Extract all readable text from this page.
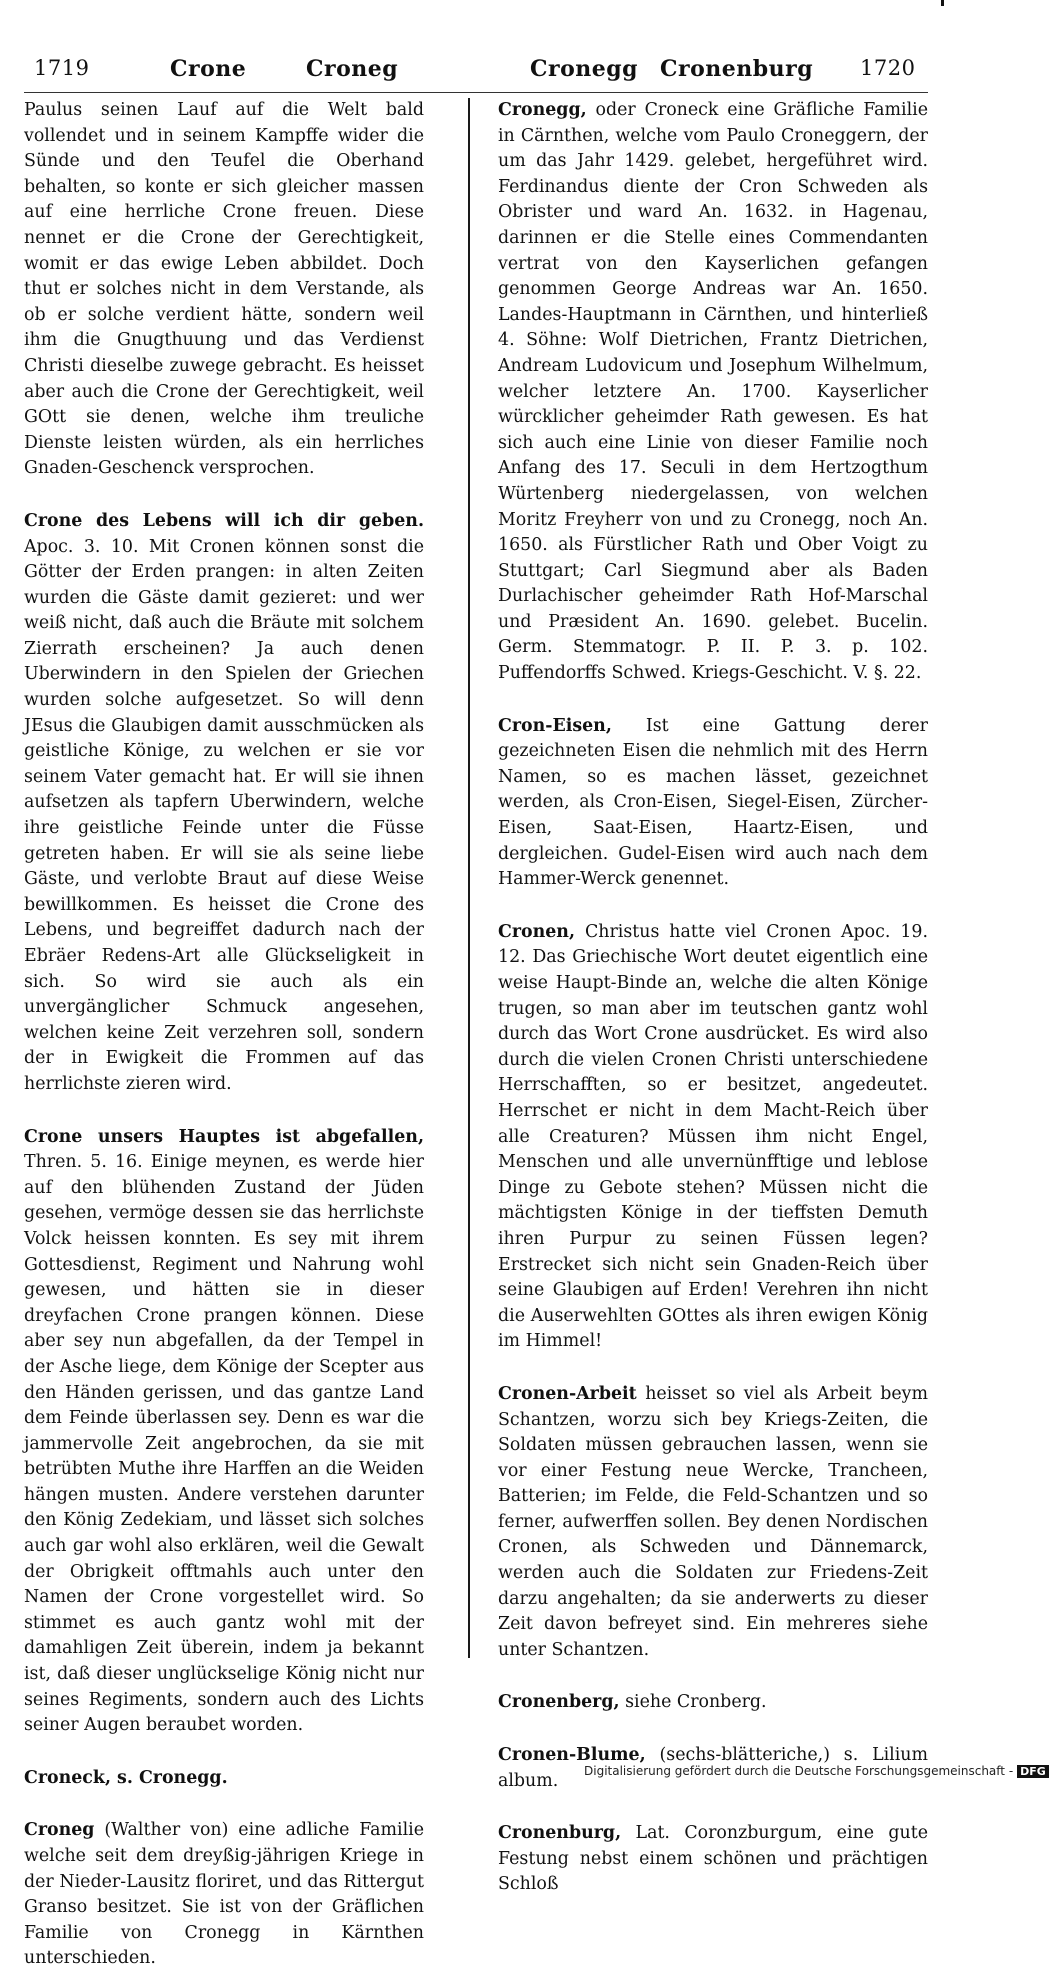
1719	Crone	Croneg	Cronegg Cronenburg 1720

Paulus seinen Lauf auf die Welt bald vollendet und in seinem Kampffe wider die Sünde und den Teufel die Oberhand behalten, so konte er sich gleicher massen auf eine herrliche Crone freuen. Diese nennet er die Crone der Gerechtigkeit, womit er das ewige Leben abbildet. Doch thut er solches nicht in dem Verstande, als ob er solche verdient hätte, sondern weil ihm die Gnugthuung und das Verdienst Christi dieselbe zuwege gebracht. Es heisset aber auch die Crone der Gerechtigkeit, weil GOtt sie denen, welche ihm treuliche Dienste leisten würden, als ein herrliches Gnaden-Geschenck versprochen.

Crone des Lebens will ich dir geben. Apoc. 3. 10. Mit Cronen können sonst die Götter der Erden prangen: in alten Zeiten wurden die Gäste damit gezieret: und wer weiß nicht, daß auch die Bräute mit solchem Zierrath erscheinen? Ja auch denen Uberwindern in den Spielen der Griechen wurden solche aufgesetzet. So will denn JEsus die Glaubigen damit ausschmücken als geistliche Könige, zu welchen er sie vor seinem Vater gemacht hat. Er will sie ihnen aufsetzen als tapfern Uberwindern, welche ihre geistliche Feinde unter die Füsse getreten haben. Er will sie als seine liebe Gäste, und verlobte Braut auf diese Weise bewillkommen. Es heisset die Crone des Lebens, und begreiffet dadurch nach der Ebräer Redens-Art alle Glückseligkeit in sich. So wird sie auch als ein unvergänglicher Schmuck angesehen, welchen keine Zeit verzehren soll, sondern der in Ewigkeit die Frommen auf das herrlichste zieren wird.

Crone unsers Hauptes ist abgefallen, Thren. 5. 16. Einige meynen, es werde hier auf den blühenden Zustand der Jüden gesehen, vermöge dessen sie das herrlichste Volck heissen konnten. Es sey mit ihrem Gottesdienst, Regiment und Nahrung wohl gewesen, und hätten sie in dieser dreyfachen Crone prangen können. Diese aber sey nun abgefallen, da der Tempel in der Asche liege, dem Könige der Scepter aus den Händen gerissen, und das gantze Land dem Feinde überlassen sey. Denn es war die jammervolle Zeit angebrochen, da sie mit betrübten Muthe ihre Harffen an die Weiden hängen musten. Andere verstehen darunter den König Zedekiam, und lässet sich solches auch gar wohl also erklären, weil die Gewalt der Obrigkeit offtmahls auch unter den Namen der Crone vorgestellet wird. So stimmet es auch gantz wohl mit der damahligen Zeit überein, indem ja bekannt ist, daß dieser unglückselige König nicht nur seines Regiments, sondern auch des Lichts seiner Augen beraubet worden.

Croneck, s. Cronegg.

Croneg (Walther von) eine adliche Familie welche seit dem dreyßig-jährigen Kriege in der Nieder-Lausitz floriret, und das Rittergut Granso besitzet. Sie ist von der Gräflichen Familie von Cronegg in Kärnthen unterschieden.

Cronegg, oder Croneck eine Gräfliche Familie in Cärnthen, welche vom Paulo Croneggern, der um das Jahr 1429. gelebet, hergeführet wird. Ferdinandus diente der Cron Schweden als Obrister und ward An. 1632. in Hagenau, darinnen er die Stelle eines Commendanten vertrat von den Kayserlichen gefangen genommen George Andreas war An. 1650. Landes-Hauptmann in Cärnthen, und hinterließ 4. Söhne: Wolf Dietrichen, Frantz Dietrichen, Andream Ludovicum und Josephum Wilhelmum, welcher letztere An. 1700. Kayserlicher würcklicher geheimder Rath gewesen. Es hat sich auch eine Linie von dieser Familie noch Anfang des 17. Seculi in dem Hertzogthum Würtenberg niedergelassen, von welchen Moritz Freyherr von und zu Cronegg, noch An. 1650. als Fürstlicher Rath und Ober Voigt zu Stuttgart; Carl Siegmund aber als Baden Durlachischer geheimder Rath Hof-Marschal und Præsident An. 1690. gelebet. Bucelin. Germ. Stemmatogr. P. II. P. 3. p. 102. Puffendorffs Schwed. Kriegs-Geschicht. V. §. 22.

Cron-Eisen, Ist eine Gattung derer gezeichneten Eisen die nehmlich mit des Herrn Namen, so es machen lässet, gezeichnet werden, als Cron-Eisen, Siegel-Eisen, Zürcher-Eisen, Saat-Eisen, Haartz-Eisen, und dergleichen. Gudel-Eisen wird auch nach dem Hammer-Werck genennet.

Cronen, Christus hatte viel Cronen Apoc. 19. 12. Das Griechische Wort deutet eigentlich eine weise Haupt-Binde an, welche die alten Könige trugen, so man aber im teutschen gantz wohl durch das Wort Crone ausdrücket. Es wird also durch die vielen Cronen Christi unterschiedene Herrschafften, so er besitzet, angedeutet. Herrschet er nicht in dem Macht-Reich über alle Creaturen? Müssen ihm nicht Engel, Menschen und alle unvernünfftige und leblose Dinge zu Gebote stehen? Müssen nicht die mächtigsten Könige in der tieffsten Demuth ihren Purpur zu seinen Füssen legen? Erstrecket sich nicht sein Gnaden-Reich über seine Glaubigen auf Erden! Verehren ihn nicht die Auserwehlten GOttes als ihren ewigen König im Himmel!

Cronen-Arbeit heisset so viel als Arbeit beym Schantzen, worzu sich bey Kriegs-Zeiten, die Soldaten müssen gebrauchen lassen, wenn sie vor einer Festung neue Wercke, Trancheen, Batterien; im Felde, die Feld-Schantzen und so ferner, aufwerffen sollen. Bey denen Nordischen Cronen, als Schweden und Dännemarck, werden auch die Soldaten zur Friedens-Zeit darzu angehalten; da sie anderwerts zu dieser Zeit davon befreyet sind. Ein mehreres siehe unter Schantzen.

Cronenberg, siehe Cronberg.

Cronen-Blume, (sechs-blätteriche,) s. Lilium album.

Cronenburg, Lat. Coronzburgum, eine gute Festung nebst einem schönen und prächtigen Schloß

Digitalisierung gefördert durch die Deutsche Forschungsgemeinschaft - DFG
